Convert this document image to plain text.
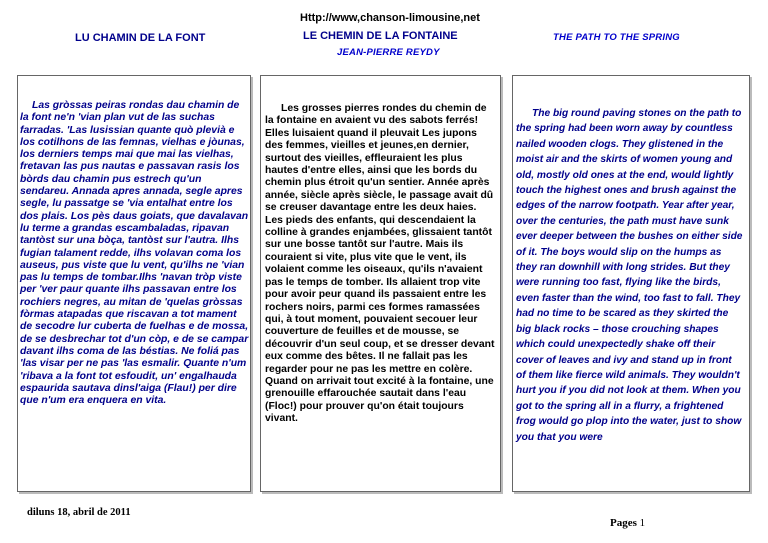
Http://www,chanson-limousine,net
LU CHAMIN DE LA FONT	LE CHEMIN DE LA FONTAINE	THE PATH TO THE SPRING
JEAN-PIERRE REYDY

Las gròssas peiras rondas dau chamin de la font ne'n 'vian plan vut de las suchas farradas. 'Las lusissian quante quò plevià e los cotilhons de las femnas, vielhas e jòunas, los derniers temps mai que mai las vielhas, fretavan las pus nautas e passavan rasis los bòrds dau chamin pus estrech qu'un sendareu. Annada apres annada, segle apres segle, lu passatge se 'via entalhat entre los dos plais. Los pès daus goiats, que davalavan lu terme a grandas escambaladas, ripavan tantòst sur una bòça, tantòst sur l'autra. Ilhs fugian talament redde, ilhs volavan coma los auseus, pus viste que lu vent, qu'ilhs ne 'vian pas lu temps de tombar.Ilhs 'navan tròp viste per 'ver paur quante ilhs passavan entre los rochiers negres, au mitan de 'quelas gròssas fòrmas atapadas que riscavan a tot mament de secodre lur cuberta de fuelhas e de mossa, de se desbrechar tot d'un còp, e de se campar davant ilhs coma de las béstias. Ne foliá pas 'las visar per ne pas 'las esmalir. Quante n'um 'ribava a la font tot esfoudit, un' engalhauda espaurida sautava dinsl'aiga (Flau!) per dire que n'um era enquera en vita.

Les grosses pierres rondes du chemin de la fontaine en avaient vu des sabots ferrés! Elles luisaient quand il pleuvait Les jupons des femmes, vieilles et jeunes,en dernier, surtout des vieilles, effleuraient les plus hautes d'entre elles, ainsi que les bords du chemin plus étroit qu'un sentier. Année après année, siècle après siècle, le passage avait dû se creuser davantage entre les deux haies. Les pieds des enfants, qui descendaient la colline à grandes enjambées, glissaient tantôt sur une bosse tantôt sur l'autre. Mais ils couraient si vite, plus vite que le vent, ils volaient comme les oiseaux, qu'ils n'avaient pas le temps de tomber. Ils allaient trop vite pour avoir peur quand ils passaient entre les rochers noirs, parmi ces formes ramassées qui, à tout moment, pouvaient secouer leur couverture de feuilles et de mousse, se découvrir d'un seul coup, et se dresser devant eux comme des bêtes. Il ne fallait pas les regarder pour ne pas les mettre en colère. Quand on arrivait tout excité à la fontaine, une grenouille effarouchée sautait dans l'eau (Floc!) pour prouver qu'on était toujours vivant.

The big round paving stones on the path to the spring had been worn away by countless nailed wooden clogs. They glistened in the moist air and the skirts of women young and old, mostly old ones at the end, would lightly touch the highest ones and brush against the edges of the narrow footpath. Year after year, over the centuries, the path must have sunk ever deeper between the bushes on either side of it. The boys would slip on the humps as they ran downhill with long strides. But they were running too fast, flying like the birds, even faster than the wind, too fast to fall. They had no time to be scared as they skirted the big black rocks – those crouching shapes which could unexpectedly shake off their cover of leaves and ivy and stand up in front of them like fierce wild animals. They wouldn't hurt you if you did not look at them. When you got to the spring all in a flurry, a frightened frog would go plop into the water, just to show you that you were

diluns 18, abril de 2011
Pages 1
